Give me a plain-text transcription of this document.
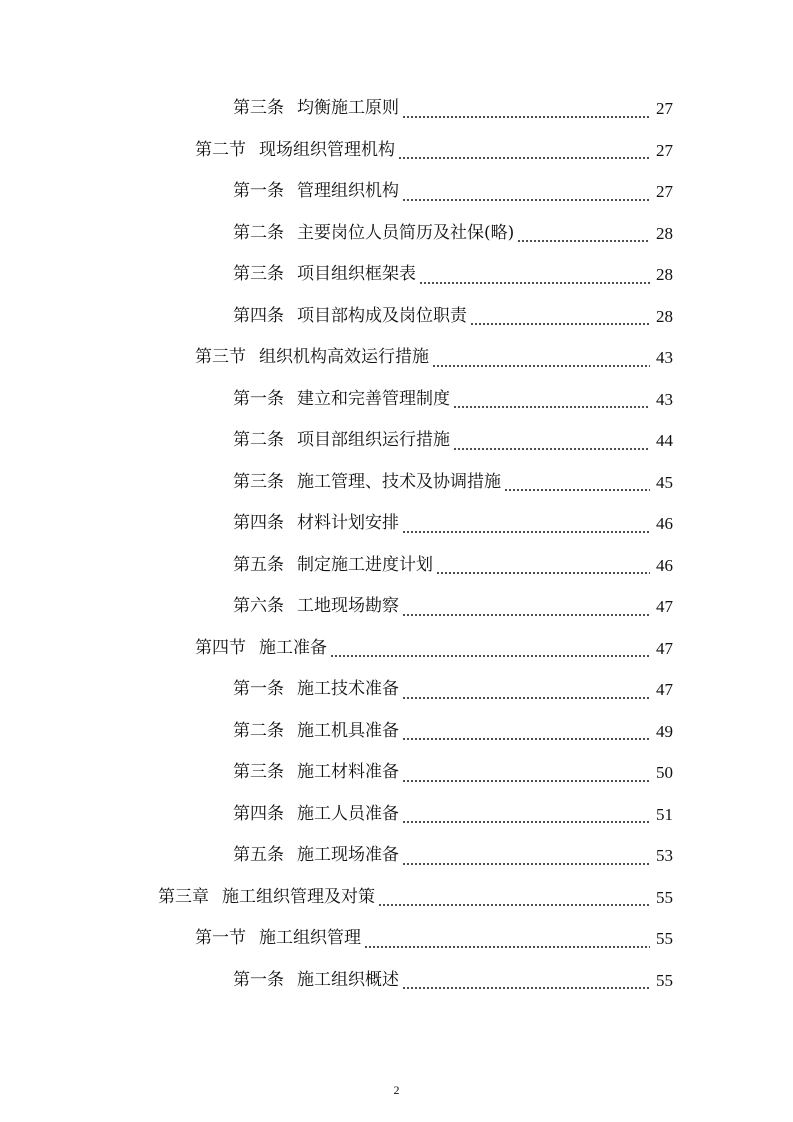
第三条 均衡施工原则	27
第二节 现场组织管理机构	27
第一条 管理组织机构	27
第二条 主要岗位人员简历及社保(略)	28
第三条 项目组织框架表	28
第四条 项目部构成及岗位职责	28
第三节 组织机构高效运行措施	43
第一条 建立和完善管理制度	43
第二条 项目部组织运行措施	44
第三条 施工管理、技术及协调措施	45
第四条 材料计划安排	46
第五条 制定施工进度计划	46
第六条 工地现场勘察	47
第四节 施工准备	47
第一条 施工技术准备	47
第二条 施工机具准备	49
第三条 施工材料准备	50
第四条 施工人员准备	51
第五条 施工现场准备	53
第三章 施工组织管理及对策	55
第一节 施工组织管理	55
第一条 施工组织概述	55
2
